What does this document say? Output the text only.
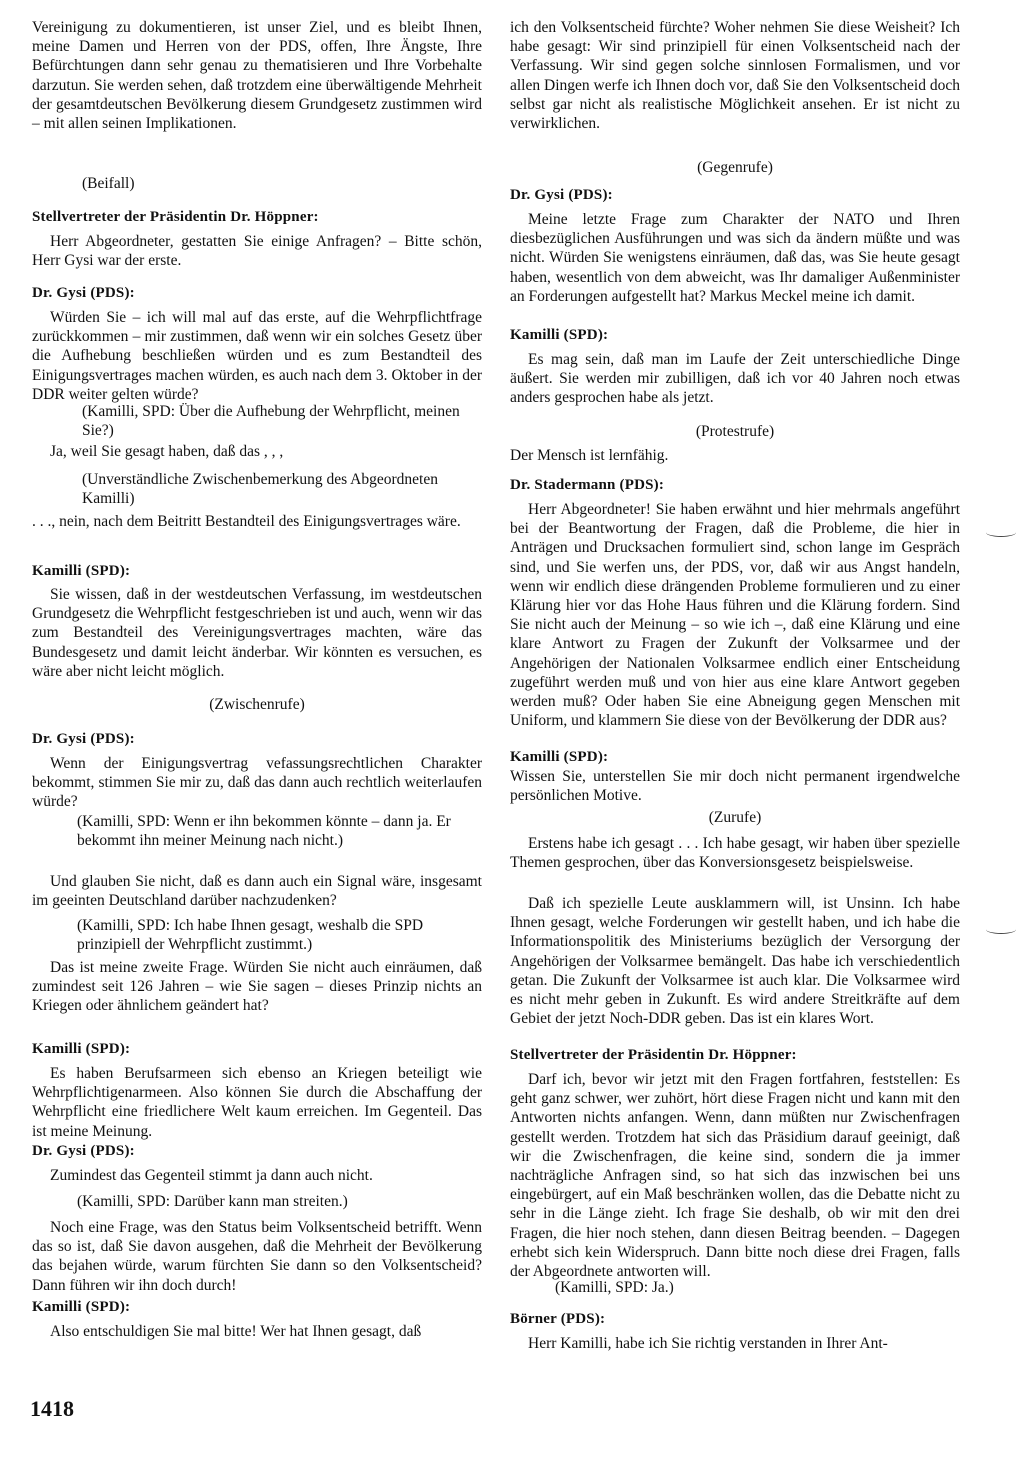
Vereinigung zu dokumentieren, ist unser Ziel, und es bleibt Ihnen, meine Damen und Herren von der PDS, offen, Ihre Ängste, Ihre Befürchtungen dann sehr genau zu thematisieren und Ihre Vorbehalte darzutun. Sie werden sehen, daß trotzdem eine überwältigende Mehrheit der gesamtdeutschen Bevölkerung diesem Grundgesetz zustimmen wird – mit allen seinen Implikationen.

(Beifall)

Stellvertreter der Präsidentin Dr. Höppner:

Herr Abgeordneter, gestatten Sie einige Anfragen? – Bitte schön, Herr Gysi war der erste.

Dr. Gysi (PDS):

Würden Sie – ich will mal auf das erste, auf die Wehrpflichtfrage zurückkommen – mir zustimmen, daß wenn wir ein solches Gesetz über die Aufhebung beschließen würden und es zum Bestandteil des Einigungsvertrages machen würden, es auch nach dem 3. Oktober in der DDR weiter gelten würde?

(Kamilli, SPD: Über die Aufhebung der Wehrpflicht, meinen Sie?)

Ja, weil Sie gesagt haben, daß das , , ,

(Unverständliche Zwischenbemerkung des Abgeordneten Kamilli)

. . ., nein, nach dem Beitritt Bestandteil des Einigungsvertrages wäre.

Kamilli (SPD):

Sie wissen, daß in der westdeutschen Verfassung, im westdeutschen Grundgesetz die Wehrpflicht festgeschrieben ist und auch, wenn wir das zum Bestandteil des Vereinigungsvertrages machten, wäre das Bundesgesetz und damit leicht änderbar. Wir könnten es versuchen, es wäre aber nicht leicht möglich.

(Zwischenrufe)

Dr. Gysi (PDS):

Wenn der Einigungsvertrag vefassungsrechtlichen Charakter bekommt, stimmen Sie mir zu, daß das dann auch rechtlich weiterlaufen würde?

(Kamilli, SPD: Wenn er ihn bekommen könnte – dann ja. Er bekommt ihn meiner Meinung nach nicht.)

Und glauben Sie nicht, daß es dann auch ein Signal wäre, insgesamt im geeinten Deutschland darüber nachzudenken?

(Kamilli, SPD: Ich habe Ihnen gesagt, weshalb die SPD prinzipiell der Wehrpflicht zustimmt.)

Das ist meine zweite Frage. Würden Sie nicht auch einräumen, daß zumindest seit 126 Jahren – wie Sie sagen – dieses Prinzip nichts an Kriegen oder ähnlichem geändert hat?

Kamilli (SPD):

Es haben Berufsarmeen sich ebenso an Kriegen beteiligt wie Wehrpflichtigenarmeen. Also können Sie durch die Abschaffung der Wehrpflicht eine friedlichere Welt kaum erreichen. Im Gegenteil. Das ist meine Meinung.

Dr. Gysi (PDS):

Zumindest das Gegenteil stimmt ja dann auch nicht.

(Kamilli, SPD: Darüber kann man streiten.)

Noch eine Frage, was den Status beim Volksentscheid betrifft. Wenn das so ist, daß Sie davon ausgehen, daß die Mehrheit der Bevölkerung das bejahen würde, warum fürchten Sie dann so den Volksentscheid? Dann führen wir ihn doch durch!

Kamilli (SPD):

Also entschuldigen Sie mal bitte! Wer hat Ihnen gesagt, daß

ich den Volksentscheid fürchte? Woher nehmen Sie diese Weisheit? Ich habe gesagt: Wir sind prinzipiell für einen Volksentscheid nach der Verfassung. Wir sind gegen solche sinnlosen Formalismen, und vor allen Dingen werfe ich Ihnen doch vor, daß Sie den Volksentscheid doch selbst gar nicht als realistische Möglichkeit ansehen. Er ist nicht zu verwirklichen.

(Gegenrufe)

Dr. Gysi (PDS):

Meine letzte Frage zum Charakter der NATO und Ihren diesbezüglichen Ausführungen und was sich da ändern müßte und was nicht. Würden Sie wenigstens einräumen, daß das, was Sie heute gesagt haben, wesentlich von dem abweicht, was Ihr damaliger Außenminister an Forderungen aufgestellt hat? Markus Meckel meine ich damit.

Kamilli (SPD):

Es mag sein, daß man im Laufe der Zeit unterschiedliche Dinge äußert. Sie werden mir zubilligen, daß ich vor 40 Jahren noch etwas anders gesprochen habe als jetzt.

(Protestrufe)

Der Mensch ist lernfähig.

Dr. Stadermann (PDS):

Herr Abgeordneter! Sie haben erwähnt und hier mehrmals angeführt bei der Beantwortung der Fragen, daß die Probleme, die hier in Anträgen und Drucksachen formuliert sind, schon lange im Gespräch sind, und Sie werfen uns, der PDS, vor, daß wir aus Angst handeln, wenn wir endlich diese drängenden Probleme formulieren und zu einer Klärung hier vor das Hohe Haus führen und die Klärung fordern. Sind Sie nicht auch der Meinung – so wie ich –, daß eine Klärung und eine klare Antwort zu Fragen der Zukunft der Volksarmee und der Angehörigen der Nationalen Volksarmee endlich einer Entscheidung zugeführt werden muß und von hier aus eine klare Antwort gegeben werden muß? Oder haben Sie eine Abneigung gegen Menschen mit Uniform, und klammern Sie diese von der Bevölkerung der DDR aus?

Kamilli (SPD):

Wissen Sie, unterstellen Sie mir doch nicht permanent irgendwelche persönlichen Motive.

(Zurufe)

Erstens habe ich gesagt . . . Ich habe gesagt, wir haben über spezielle Themen gesprochen, über das Konversionsgesetz beispielsweise.

Daß ich spezielle Leute ausklammern will, ist Unsinn. Ich habe Ihnen gesagt, welche Forderungen wir gestellt haben, und ich habe die Informationspolitik des Ministeriums bezüglich der Versorgung der Angehörigen der Volksarmee bemängelt. Das habe ich verschiedentlich getan. Die Zukunft der Volksarmee ist auch klar. Die Volksarmee wird es nicht mehr geben in Zukunft. Es wird andere Streitkräfte auf dem Gebiet der jetzt Noch-DDR geben. Das ist ein klares Wort.

Stellvertreter der Präsidentin Dr. Höppner:

Darf ich, bevor wir jetzt mit den Fragen fortfahren, feststellen: Es geht ganz schwer, wer zuhört, hört diese Fragen nicht und kann mit den Antworten nichts anfangen. Wenn, dann müßten nur Zwischenfragen gestellt werden. Trotzdem hat sich das Präsidium darauf geeinigt, daß wir die Zwischenfragen, die keine sind, sondern die ja immer nachträgliche Anfragen sind, so hat sich das inzwischen bei uns eingebürgert, auf ein Maß beschränken wollen, das die Debatte nicht zu sehr in die Länge zieht. Ich frage Sie deshalb, ob wir mit den drei Fragen, die hier noch stehen, dann diesen Beitrag beenden. – Dagegen erhebt sich kein Widerspruch. Dann bitte noch diese drei Fragen, falls der Abgeordnete antworten will.

(Kamilli, SPD: Ja.)

Börner (PDS):

Herr Kamilli, habe ich Sie richtig verstanden in Ihrer Ant-

1418
